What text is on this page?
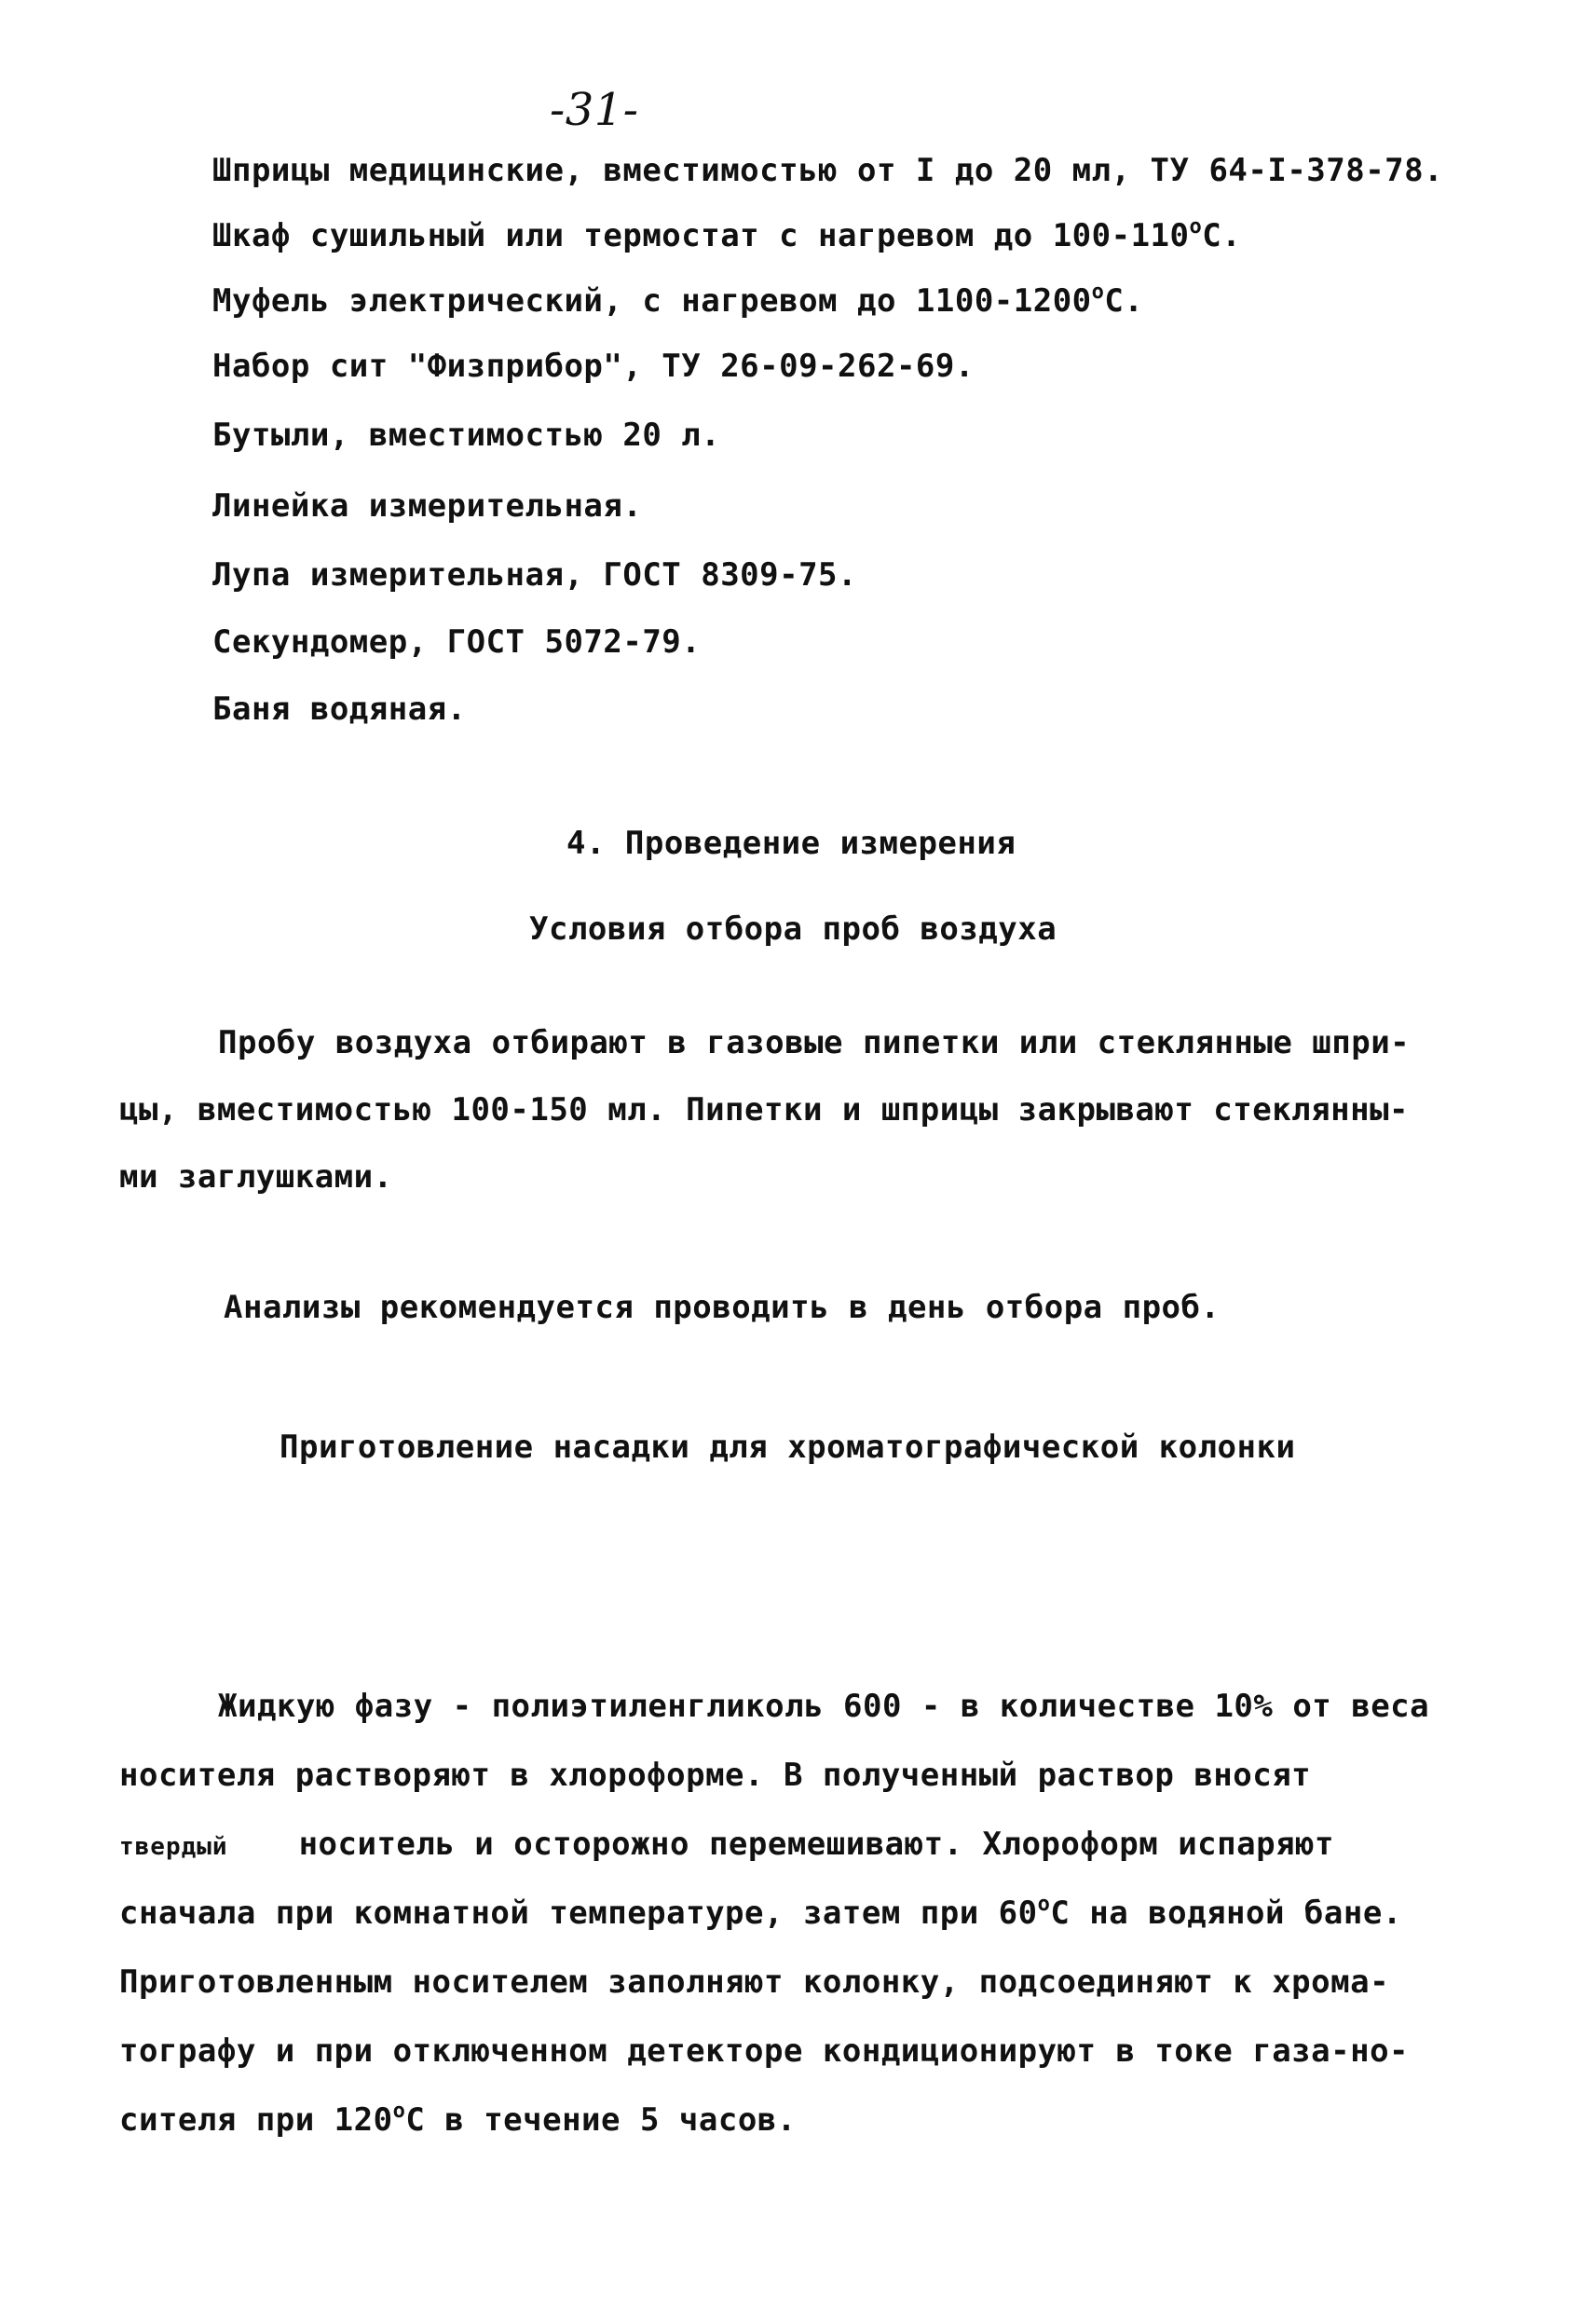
-31-
Шприцы медицинские, вместимостью от I до 20 мл, ТУ 64-I-378-78.
Шкаф сушильный или термостат с нагревом до 100-110$^o$С.
Муфель электрический, с нагревом до 1100-1200$^o$С.
Набор сит "Физприбор", ТУ 26-09-262-69.
Бутыли, вместимостью 20 л.
Линейка измерительная.
Лупа измерительная, ГОСТ 8309-75.
Секундомер, ГОСТ 5072-79.
Баня водяная.
4. Проведение измерения
Условия отбора проб воздуха
Пробу воздуха отбирают в газовые пипетки или стеклянные шпри-
цы, вместимостью 100-150 мл. Пипетки и шприцы закрывают стеклянны-
ми заглушками.
Анализы рекомендуется проводить в день отбора проб.
Приготовление насадки для хроматографической колонки
Жидкую фазу - полиэтиленгликоль 600 - в количестве 10% от веса
носителя растворяют в хлороформе. В полученный раствор вносят
твердый носитель и осторожно перемешивают. Хлороформ испаряют
сначала при комнатной температуре, затем при 60$^o$С на водяной бане.
Приготовленным носителем заполняют колонку, подсоединяют к хрома-
тографу и при отключенном детекторе кондиционируют в токе газа-но-
сителя при 120$^o$С в течение 5 часов.
